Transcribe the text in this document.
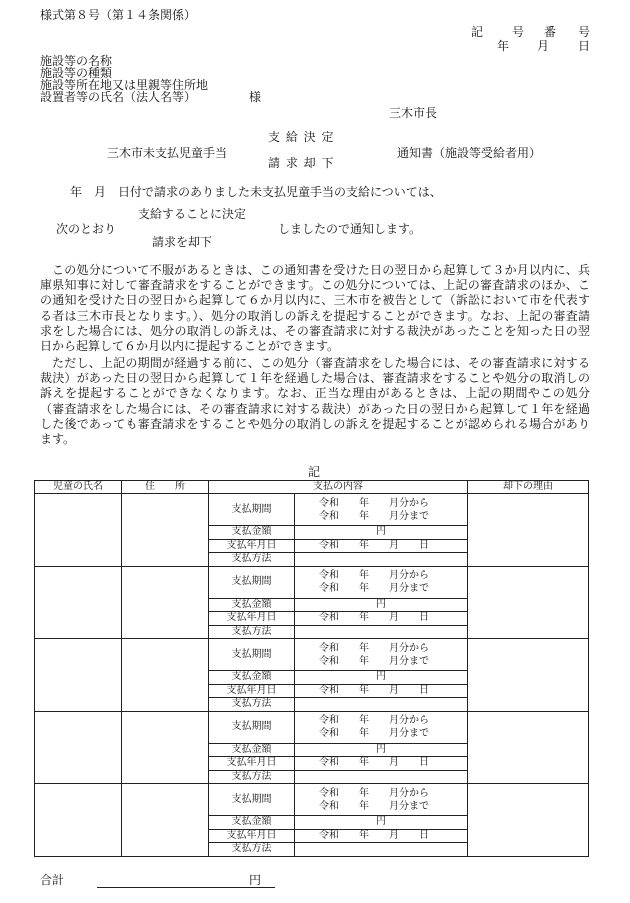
様式第８号（第１４条関係）
記 号 番 号
年 月 日
施設等の名称
施設等の種類
施設等所在地又は里親等住所地
設置者等の氏名（法人名等）	様
三木市長
三木市未支払児童手当
支 給 決 定
請 求 却 下
通知書（施設等受給者用）
年　月　日付で請求のありました未支払児童手当の支給については、
次のとおり
支給することに決定
請求を却下
しましたので通知します。
この処分について不服があるときは、この通知書を受けた日の翌日から起算して３か月以内に、兵庫県知事に対して審査請求をすることができます。この処分については、上記の審査請求のほか、この通知を受けた日の翌日から起算して６か月以内に、三木市を被告として（訴訟において市を代表する者は三木市長となります。）、処分の取消しの訴えを提起することができます。なお、上記の審査請求をした場合には、処分の取消しの訴えは、その審査請求に対する裁決があったことを知った日の翌日から起算して６か月以内に提起することができます。
ただし、上記の期間が経過する前に、この処分（審査請求をした場合には、その審査請求に対する裁決）があった日の翌日から起算して１年を経過した場合は、審査請求をすることや処分の取消しの訴えを提起することができなくなります。なお、正当な理由があるときは、上記の期間やこの処分（審査請求をした場合には、その審査請求に対する裁決）があった日の翌日から起算して１年を経過した後であっても審査請求をすることや処分の取消しの訴えを提起することが認められる場合があります。
記
児童の氏名	住　　所	支払の内容		却下の理由
		支払期間	令和　　年　　月分から
令和　　年　　月分まで	

		支払金額	円	
		支払年月日	令和　　年　　月　　日	
		支払方法		
		支払期間	令和　　年　　月分から
令和　　年　　月分まで	

		支払金額	円	
		支払年月日	令和　　年　　月　　日	
		支払方法		
		支払期間	令和　　年　　月分から
令和　　年　　月分まで	

		支払金額	円	
		支払年月日	令和　　年　　月　　日	
		支払方法		
		支払期間	令和　　年　　月分から
令和　　年　　月分まで	

		支払金額	円	
		支払年月日	令和　　年　　月　　日	
		支払方法		
		支払期間	令和　　年　　月分から
令和　　年　　月分まで	

		支払金額	円	
		支払年月日	令和　　年　　月　　日	
		支払方法		
合計	円
